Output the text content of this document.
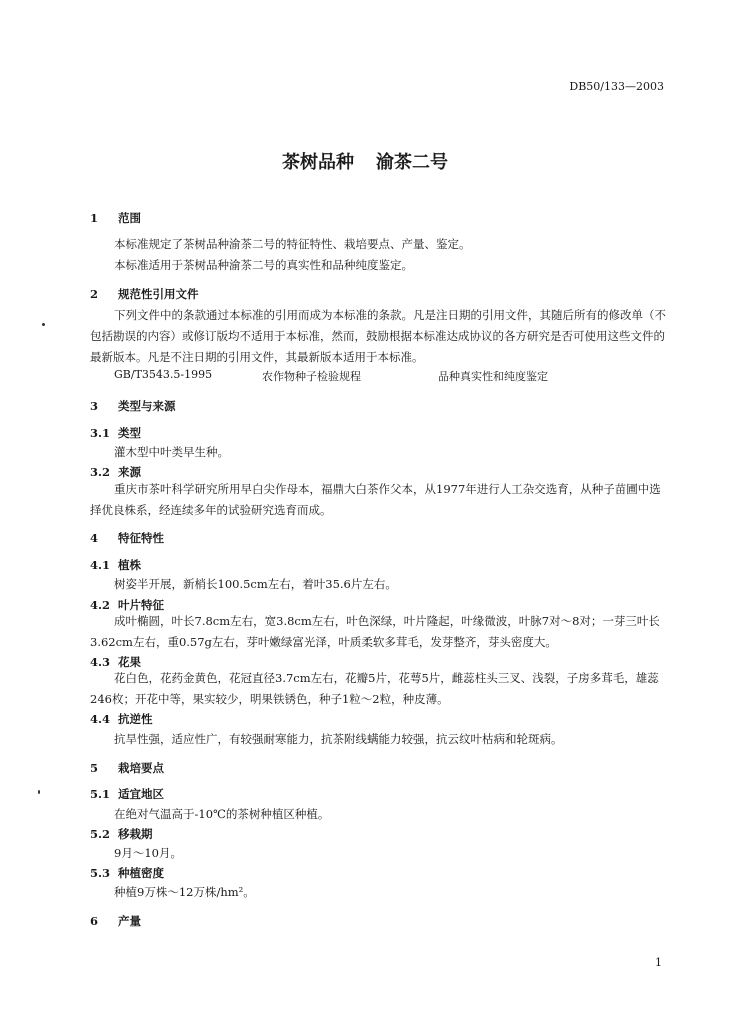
DB50/133—2003
茶树品种 渝茶二号
1 范围
本标准规定了茶树品种渝茶二号的特征特性、栽培要点、产量、鉴定。
本标准适用于茶树品种渝茶二号的真实性和品种纯度鉴定。
2 规范性引用文件
下列文件中的条款通过本标准的引用而成为本标准的条款。凡是注日期的引用文件，其随后所有的修改单（不包括勘误的内容）或修订版均不适用于本标准，然而，鼓励根据本标准达成协议的各方研究是否可使用这些文件的最新版本。凡是不注日期的引用文件，其最新版本适用于本标准。
GB/T3543.5-1995	农作物种子检验规程	品种真实性和纯度鉴定
3 类型与来源
3.1 类型
灌木型中叶类早生种。
3.2 来源
重庆市茶叶科学研究所用早白尖作母本，福鼎大白茶作父本，从1977年进行人工杂交选育，从种子苗圃中选择优良株系，经连续多年的试验研究选育而成。
4 特征特性
4.1 植株
树姿半开展，新梢长100.5cm左右，着叶35.6片左右。
4.2 叶片特征
成叶椭圆，叶长7.8cm左右，宽3.8cm左右，叶色深绿，叶片隆起，叶缘微波，叶脉7对～8对；一芽三叶长3.62cm左右，重0.57g左右，芽叶嫩绿富光泽，叶质柔软多茸毛，发芽整齐，芽头密度大。
4.3 花果
花白色，花药金黄色，花冠直径3.7cm左右，花瓣5片，花萼5片，雌蕊柱头三叉、浅裂，子房多茸毛，雄蕊246枚；开花中等，果实较少，明果铁锈色，种子1粒～2粒，种皮薄。
4.4 抗逆性
抗旱性强，适应性广，有较强耐寒能力，抗茶附线螨能力较强，抗云纹叶枯病和轮斑病。
5 栽培要点
5.1 适宜地区
在绝对气温高于-10℃的茶树种植区种植。
5.2 移栽期
9月～10月。
5.3 种植密度
种植9万株～12万株/hm²。
6 产量
1
